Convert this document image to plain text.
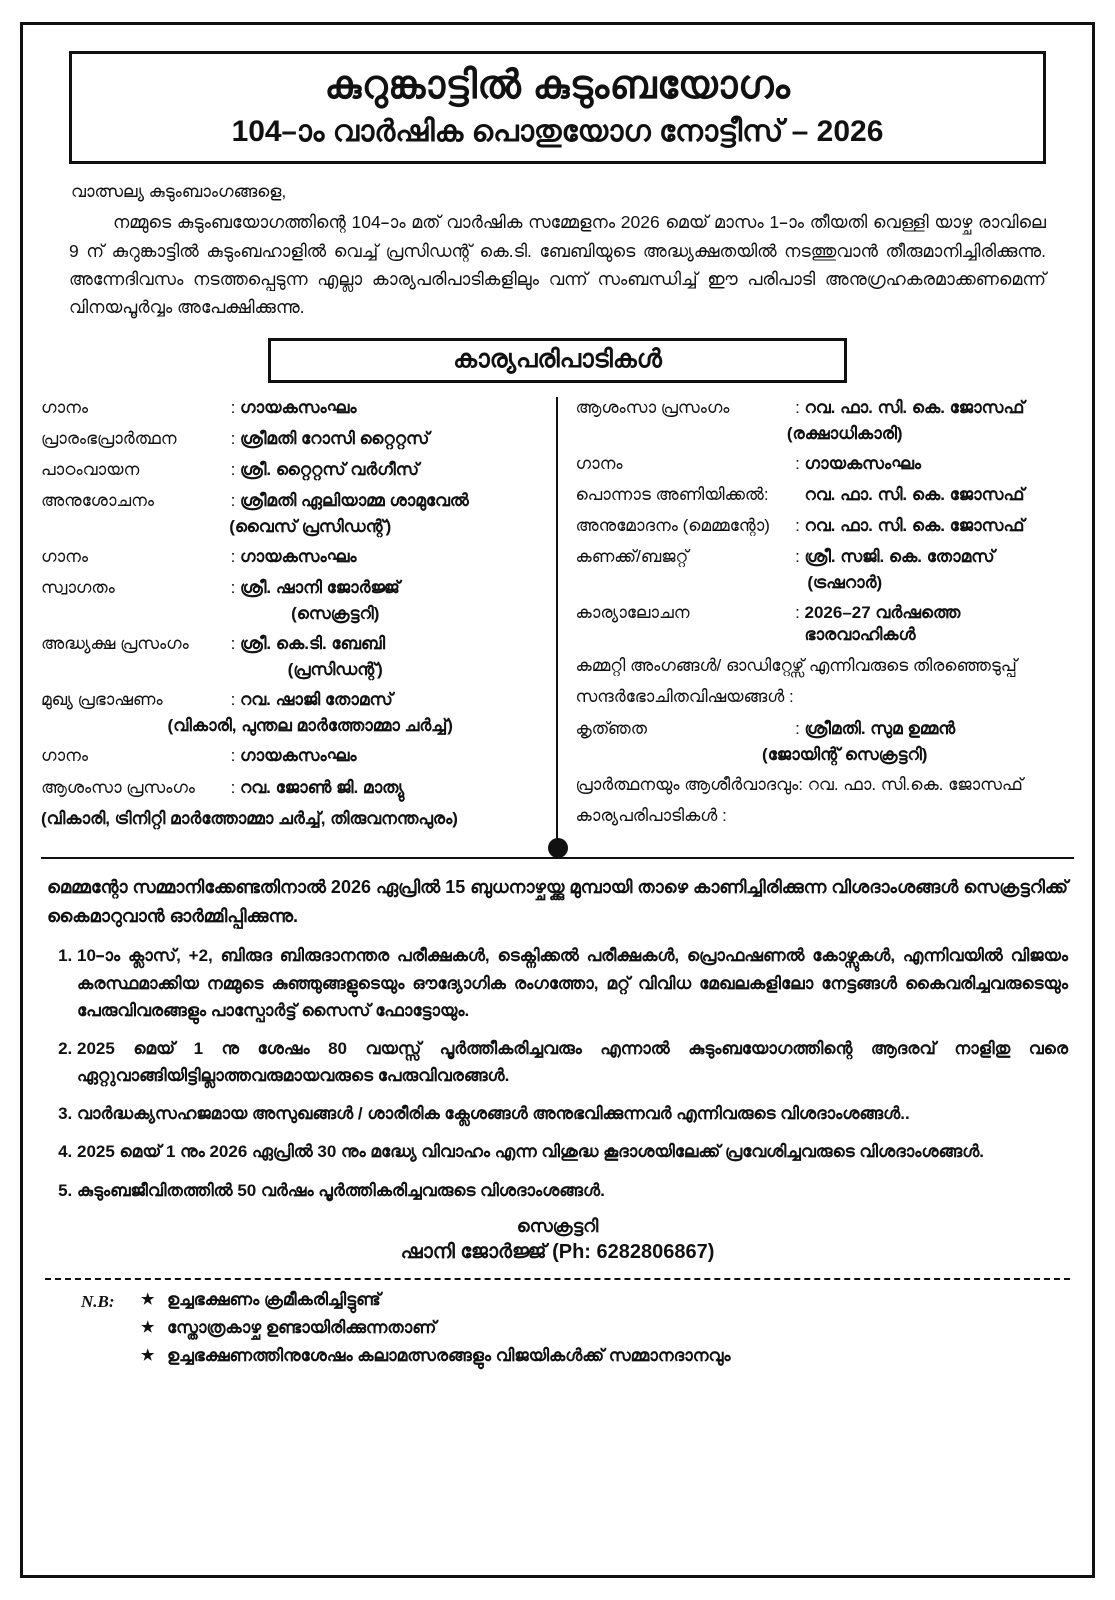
കുറുങ്കാട്ടിൽ കുടുംബയോഗം
104–ാം വാർഷിക പൊതുയോഗ നോട്ടീസ് – 2026
വാത്സല്യ കുടുംബാംഗങ്ങളെ,
നമ്മുടെ കുടുംബയോഗത്തിന്റെ 104–ാം മത് വാർഷിക സമ്മേളനം 2026 മെയ് മാസം 1–ാം തീയതി വെള്ളി യാഴ്ച രാവിലെ 9 ന് കുറുങ്കാട്ടിൽ കുടുംബഹാളിൽ വെച്ച് പ്രസിഡന്റ് കെ.ടി. ബേബിയുടെ അദ്ധ്യക്ഷതയിൽ നടത്തുവാൻ തീരുമാനിച്ചിരിക്കുന്നു. അന്നേദിവസം നടത്തപ്പെടുന്ന എല്ലാ കാര്യപരിപാടികളിലും വന്ന് സംബന്ധിച്ച് ഈ പരിപാടി അനുഗ്രഹകരമാക്കണമെന്ന് വിനയപൂർവ്വം അപേക്ഷിക്കുന്നു.
കാര്യപരിപാടികൾ
ഗാനം	: ഗായകസംഘം
പ്രാരംഭപ്രാർത്ഥന	: ശ്രീമതി റോസി റ്റൈറ്റസ്
പാഠംവായന	: ശ്രീ. റ്റൈറ്റസ് വർഗീസ്
അനുശോചനം	: ശ്രീമതി ഏലിയാമ്മ ശാമുവേൽ
(വൈസ് പ്രസിഡന്റ്)
ഗാനം	: ഗായകസംഘം
സ്വാഗതം	: ശ്രീ. ഷാനി ജോർജ്ജ്
(സെക്രട്ടറി)
അദ്ധ്യക്ഷ പ്രസംഗം	: ശ്രീ. കെ.ടി. ബേബി
(പ്രസിഡന്റ്)
മുഖ്യ പ്രഭാഷണം	: റവ. ഷാജി തോമസ്
(വികാരി, പുന്തല മാർത്തോമ്മാ ചർച്ച്)
ഗാനം	: ഗായകസംഘം
ആശംസാ പ്രസംഗം	: റവ. ജോൺ ജി. മാത്യു
(വികാരി, ട്രിനിറ്റി മാർത്തോമ്മാ ചർച്ച്, തിരുവനന്തപുരം)
ആശംസാ പ്രസംഗം	: റവ. ഫാ. സി. കെ. ജോസഫ്
(രക്ഷാധികാരി)
ഗാനം	: ഗായകസംഘം
പൊന്നാട അണിയിക്കൽ:	റവ. ഫാ. സി. കെ. ജോസഫ്
അനുമോദനം (മെമ്മന്റോ)	: റവ. ഫാ. സി. കെ. ജോസഫ്
കണക്ക്/ബജറ്റ്	: ശ്രീ. സജി. കെ. തോമസ്
(ട്രഷറാർ)
കാര്യാലോചന	: 2026–27 വർഷത്തെ ഭാരവാഹികൾ
കമ്മറ്റി അംഗങ്ങൾ/ ഓഡിറ്റേഴ്സ് എന്നിവരുടെ തിരഞ്ഞെടുപ്പ്
സന്ദർഭോചിതവിഷയങ്ങൾ :
കൃത്ഞത	: ശ്രീമതി. സുമ ഉമ്മൻ
(ജോയിന്റ് സെക്രട്ടറി)
പ്രാർത്ഥനയും ആശീർവാദവും: റവ. ഫാ. സി.കെ. ജോസഫ്
കാര്യപരിപാടികൾ :
മെമ്മന്റോ സമ്മാനിക്കേണ്ടതിനാൽ 2026 ഏപ്രിൽ 15 ബുധനാഴ്ചയ്ക്കു മുമ്പായി താഴെ കാണിച്ചിരിക്കുന്ന വിശദാംശങ്ങൾ സെക്രട്ടറിക്ക് കൈമാറുവാൻ ഓർമ്മിപ്പിക്കുന്നു.
1. 10–ാം ക്ലാസ്, +2, ബിരുദ ബിരുദാനന്തര പരീക്ഷകൾ, ടെക്നിക്കൽ പരീക്ഷകൾ, പ്രൊഫഷണൽ കോഴ്സുകൾ, എന്നിവയിൽ വിജയം കരസ്ഥമാക്കിയ നമ്മുടെ കുഞ്ഞുങ്ങളുടെയും ഔദ്യോഗിക രംഗത്തോ, മറ്റ് വിവിധ മേഖലകളിലോ നേട്ടങ്ങൾ കൈവരിച്ചവരുടെയും പേരുവിവരങ്ങളും പാസ്പോർട്ട് സൈസ് ഫോട്ടോയും.
2. 2025 മെയ് 1 നു ശേഷം 80 വയസ്സ് പൂർത്തീകരിച്ചവരും എന്നാൽ കുടുംബയോഗത്തിന്റെ ആദരവ് നാളിതു വരെ ഏറ്റുവാങ്ങിയിട്ടില്ലാത്തവരുമായവരുടെ പേരുവിവരങ്ങൾ.
3. വാർദ്ധക്യസഹജമായ അസുഖങ്ങൾ / ശാരീരിക ക്ലേശങ്ങൾ അനുഭവിക്കുന്നവർ എന്നിവരുടെ വിശദാംശങ്ങൾ..
4. 2025 മെയ് 1 നും 2026 ഏപ്രിൽ 30 നും മദ്ധ്യേ വിവാഹം എന്ന വിശുദ്ധ കൂദാശയിലേക്ക് പ്രവേശിച്ചവരുടെ വിശദാംശങ്ങൾ.
5. കുടുംബജീവിതത്തിൽ 50 വർഷം പൂർത്തികരിച്ചവരുടെ വിശദാംശങ്ങൾ.
സെക്രട്ടറി
ഷാനി ജോർജ്ജ് (Ph: 6282806867)
N.B:	★ ഉച്ചഭക്ഷണം ക്രമീകരിച്ചിട്ടുണ്ട്
★ സ്തോത്രകാഴ്ച ഉണ്ടായിരിക്കുന്നതാണ്
★ ഉച്ചഭക്ഷണത്തിനുശേഷം കലാമത്സരങ്ങളും വിജയികൾക്ക് സമ്മാനദാനവും
